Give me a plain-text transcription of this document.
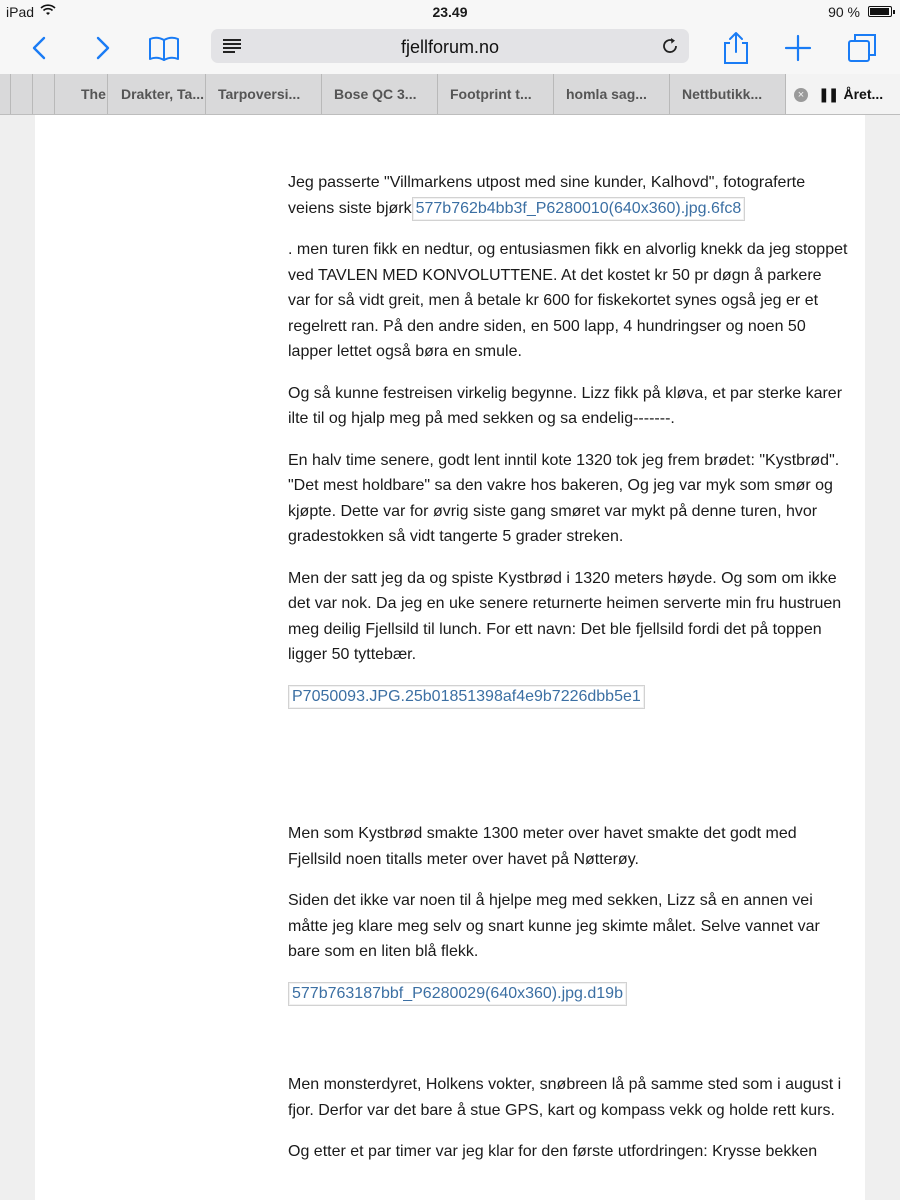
iPad	23.49	90 %
fjellforum.no
The	Drakter, Ta... Tarpoversi...	Bose QC 3...	Footprint t...	homla sag...	Nettbutikk...	× ❚❚ Året...

Jeg passerte "Villmarkens utpost med sine kunder, Kalhovd", fotograferte veiens siste bjørk 577b762b4bb3f_P6280010(640x360).jpg.6fc8

. men turen fikk en nedtur, og entusiasmen fikk en alvorlig knekk da jeg stoppet ved TAVLEN MED KONVOLUTTENE. At det kostet kr 50 pr døgn å parkere var for så vidt greit, men å betale kr 600 for fiskekortet synes også jeg er et regelrett ran. På den andre siden, en 500 lapp, 4 hundringser og noen 50 lapper lettet også børa en smule.

Og så kunne festreisen virkelig begynne. Lizz fikk på kløva, et par sterke karer ilte til og hjalp meg på med sekken og sa endelig-------.

En halv time senere, godt lent inntil kote 1320 tok jeg frem brødet: "Kystbrød". "Det mest holdbare" sa den vakre hos bakeren, Og jeg var myk som smør og kjøpte. Dette var for øvrig siste gang smøret var mykt på denne turen, hvor gradestokken så vidt tangerte 5 grader streken.

Men der satt jeg da og spiste Kystbrød i 1320 meters høyde. Og som om ikke det var nok. Da jeg en uke senere returnerte heimen serverte min fru hustruen meg deilig Fjellsild til lunch. For ett navn: Det ble fjellsild fordi det på toppen ligger 50 tyttebær.

P7050093.JPG.25b01851398af4e9b7226dbb5e1

Men som Kystbrød smakte 1300 meter over havet smakte det godt med Fjellsild noen titalls meter over havet på Nøtterøy.

Siden det ikke var noen til å hjelpe meg med sekken, Lizz så en annen vei måtte jeg klare meg selv og snart kunne jeg skimte målet. Selve vannet var bare som en liten blå flekk.

577b763187bbf_P6280029(640x360).jpg.d19b

Men monsterdyret, Holkens vokter, snøbreen lå på samme sted som i august i fjor. Derfor var det bare å stue GPS, kart og kompass vekk og holde rett kurs.

Og etter et par timer var jeg klar for den første utfordringen: Krysse bekken
